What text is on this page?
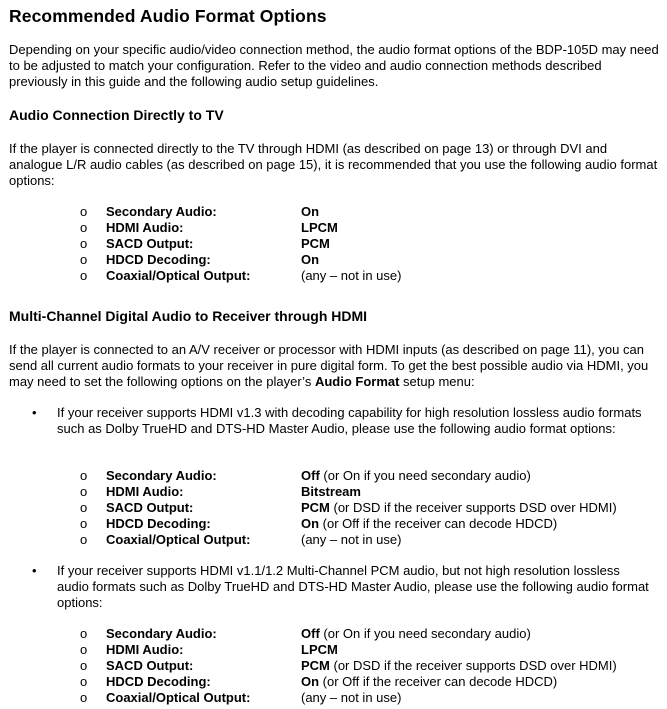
Recommended Audio Format Options

Depending on your specific audio/video connection method, the audio format options of the BDP-105D may need to be adjusted to match your configuration. Refer to the video and audio connection methods described previously in this guide and the following audio setup guidelines.

Audio Connection Directly to TV

If the player is connected directly to the TV through HDMI (as described on page 13) or through DVI and analogue L/R audio cables (as described on page 15), it is recommended that you use the following audio format options:

o Secondary Audio:	On
o HDMI Audio:	LPCM
o SACD Output:	PCM
o HDCD Decoding:	On
o Coaxial/Optical Output:	(any – not in use)
Multi-Channel Digital Audio to Receiver through HDMI

If the player is connected to an A/V receiver or processor with HDMI inputs (as described on page 11), you can send all current audio formats to your receiver in pure digital form. To get the best possible audio via HDMI, you may need to set the following options on the player’s Audio Format setup menu:

• If your receiver supports HDMI v1.3 with decoding capability for high resolution lossless audio formats such as Dolby TrueHD and DTS-HD Master Audio, please use the following audio format options:

o Secondary Audio:	Off (or On if you need secondary audio)
o HDMI Audio:	Bitstream
o SACD Output:	PCM (or DSD if the receiver supports DSD over HDMI)
o HDCD Decoding:	On (or Off if the receiver can decode HDCD)
o Coaxial/Optical Output:	(any – not in use)
• If your receiver supports HDMI v1.1/1.2 Multi-Channel PCM audio, but not high resolution lossless audio formats such as Dolby TrueHD and DTS-HD Master Audio, please use the following audio format options:

o Secondary Audio:	Off (or On if you need secondary audio)
o HDMI Audio:	LPCM
o SACD Output:	PCM (or DSD if the receiver supports DSD over HDMI)
o HDCD Decoding:	On (or Off if the receiver can decode HDCD)
o Coaxial/Optical Output:	(any – not in use)
